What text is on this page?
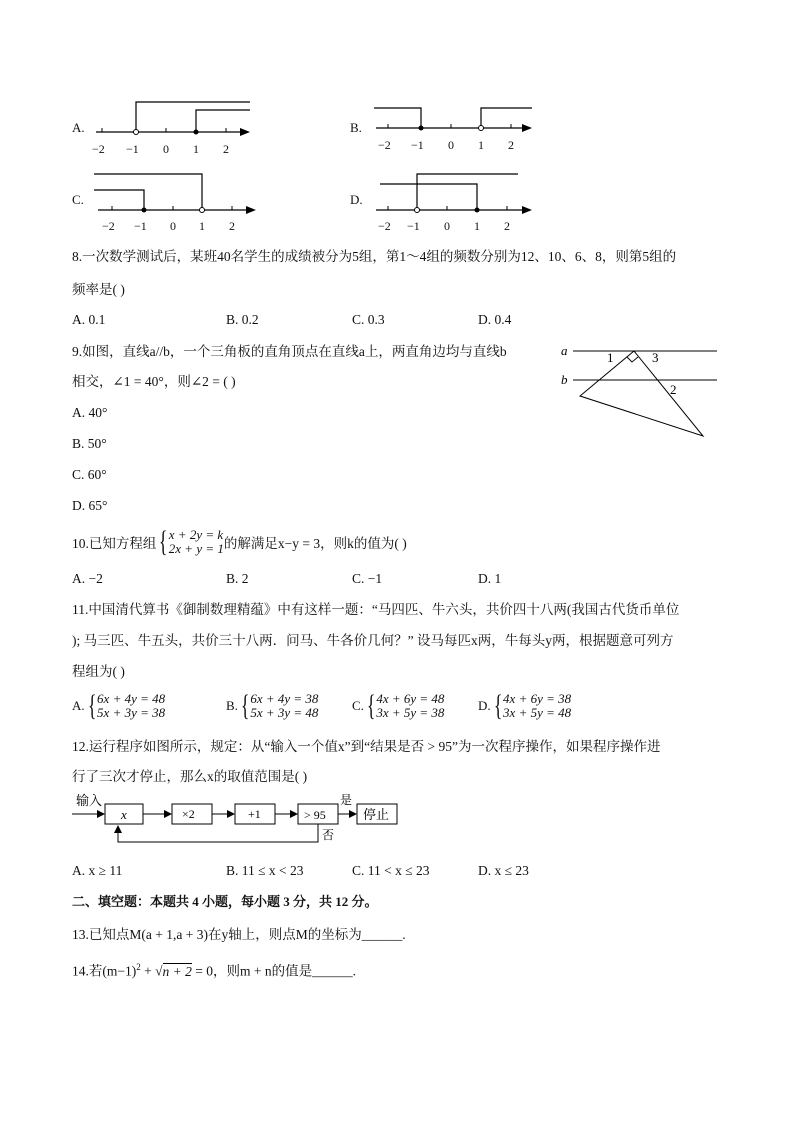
A.
−2 −1 0 1 2
B.
−2 −1 0 1 2
C.
−2 −1 0 1 2
D.
−2 −1 0 1 2
8.一次数学测试后，某班40名学生的成绩被分为5组，第1～4组的频数分别为12、10、6、8，则第5组的
频率是( )
A. 0.1	B. 0.2	C. 0.3	D. 0.4
9.如图，直线a//b，一个三角板的直角顶点在直线a上，两直角边均与直线b
相交，∠1 = 40°，则∠2 = ( )
A. 40°
B. 50°
C. 60°
D. 65°
a
b
1	3
2
10.已知方程组 { x + 2y = k
2x + y = 1 的解满足x−y = 3，则k的值为( )
A. −2	B. 2	C. −1	D. 1
11.中国清代算书《御制数理精蕴》中有这样一题：“马四匹、牛六头，共价四十八两(我国古代货币单位
); 马三匹、牛五头，共价三十八两．问马、牛各价几何？” 设马每匹x两，牛每头y两，根据题意可列方
程组为( )
A. { 6x + 4y = 48
5x + 3y = 38	B. { 6x + 4y = 38
5x + 3y = 48	C. { 4x + 6y = 48
3x + 5y = 38	D. { 4x + 6y = 38
3x + 5y = 48
12.运行程序如图所示，规定：从“输入一个值x”到“结果是否 > 95”为一次程序操作，如果程序操作进
行了三次才停止，那么x的取值范围是( )
输入
x	×2	+1	> 95
是
否
停止
A. x ≥ 11	B. 11 ≤ x < 23	C. 11 < x ≤ 23	D. x ≤ 23
二、填空题：本题共 4 小题，每小题 3 分，共 12 分。
13.已知点M(a + 1,a + 3)在y轴上，则点M的坐标为______.
14.若$(m-1)^2 + √n + 2 = 0$，则m + n的值是______.
